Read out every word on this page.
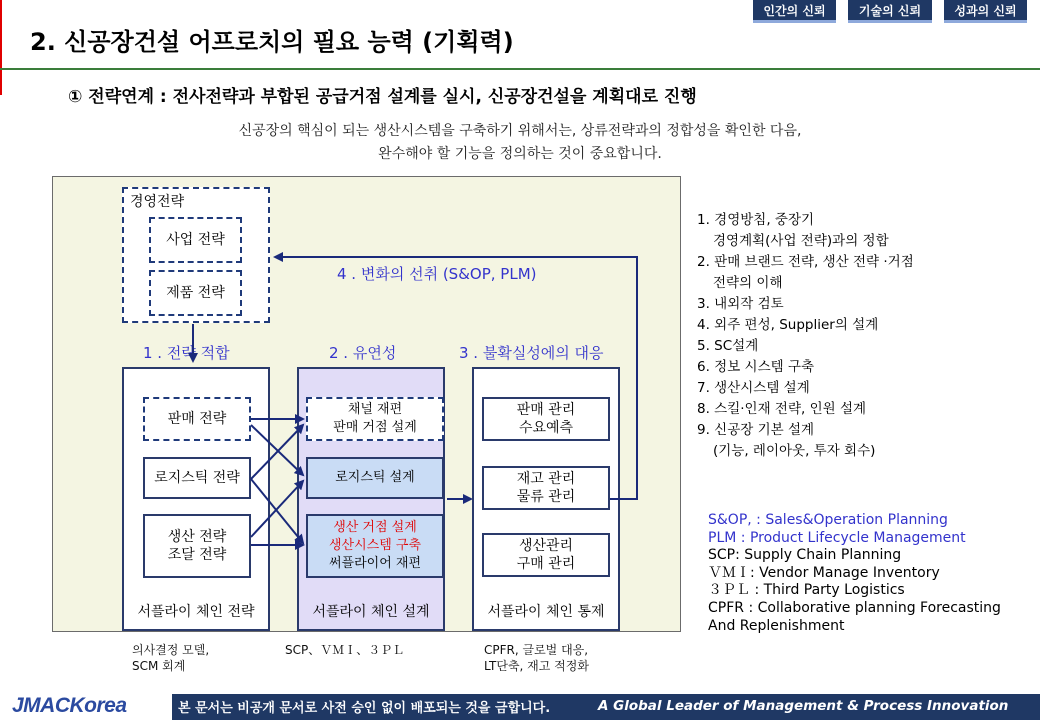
인간의 신뢰	기술의 신뢰	성과의 신뢰
2. 신공장건설 어프로치의 필요 능력 (기획력)
① 전략연계 : 전사전략과 부합된 공급거점 설계를 실시, 신공장건설을 계획대로 진행
신공장의 핵심이 되는 생산시스템을 구축하기 위해서는, 상류전략과의 정합성을 확인한 다음,
완수해야 할 기능을 정의하는 것이 중요합니다.
경영전략
사업 전략
제품 전략
1 . 전략 적합	2 . 유연성	3 . 불확실성에의 대응
4 . 변화의 선취 (S&OP, PLM)
서플라이 체인 전략
판매 전략
로지스틱 전략
생산 전략
조달 전략
서플라이 체인 설계
채널 재편
판매 거점 설계
로지스틱 설계
생산 거점 설계
생산시스템 구축
써플라이어 재편
서플라이 체인 통제
판매 관리
수요예측
재고 관리
물류 관리
생산관리
구매 관리
의사결정 모델,
SCM 회계
SCP、ＶＭＩ、３ＰＬ	CPFR, 글로벌 대응,
LT단축, 재고 적정화
1. 경영방침, 중장기
경영계획(사업 전략)과의 정합
2. 판매 브랜드 전략, 생산 전략 ·거점
전략의 이해
3. 내외작 검토
4. 외주 편성, Supplier의 설계
5. SC설계
6. 정보 시스템 구축
7. 생산시스템 설계
8. 스킬·인재 전략, 인원 설계
9. 신공장 기본 설계
(기능, 레이아웃, 투자 회수)
S&OP, : Sales&Operation Planning
PLM : Product Lifecycle Management
SCP: Supply Chain Planning
ＶＭＩ: Vendor Manage Inventory
３ＰＬ : Third Party Logistics
CPFR : Collaborative planning Forecasting
And Replenishment
JMACKorea	본 문서는 비공개 문서로 사전 승인 없이 배포되는 것을 금합니다.	A Global Leader of Management & Process Innovation
